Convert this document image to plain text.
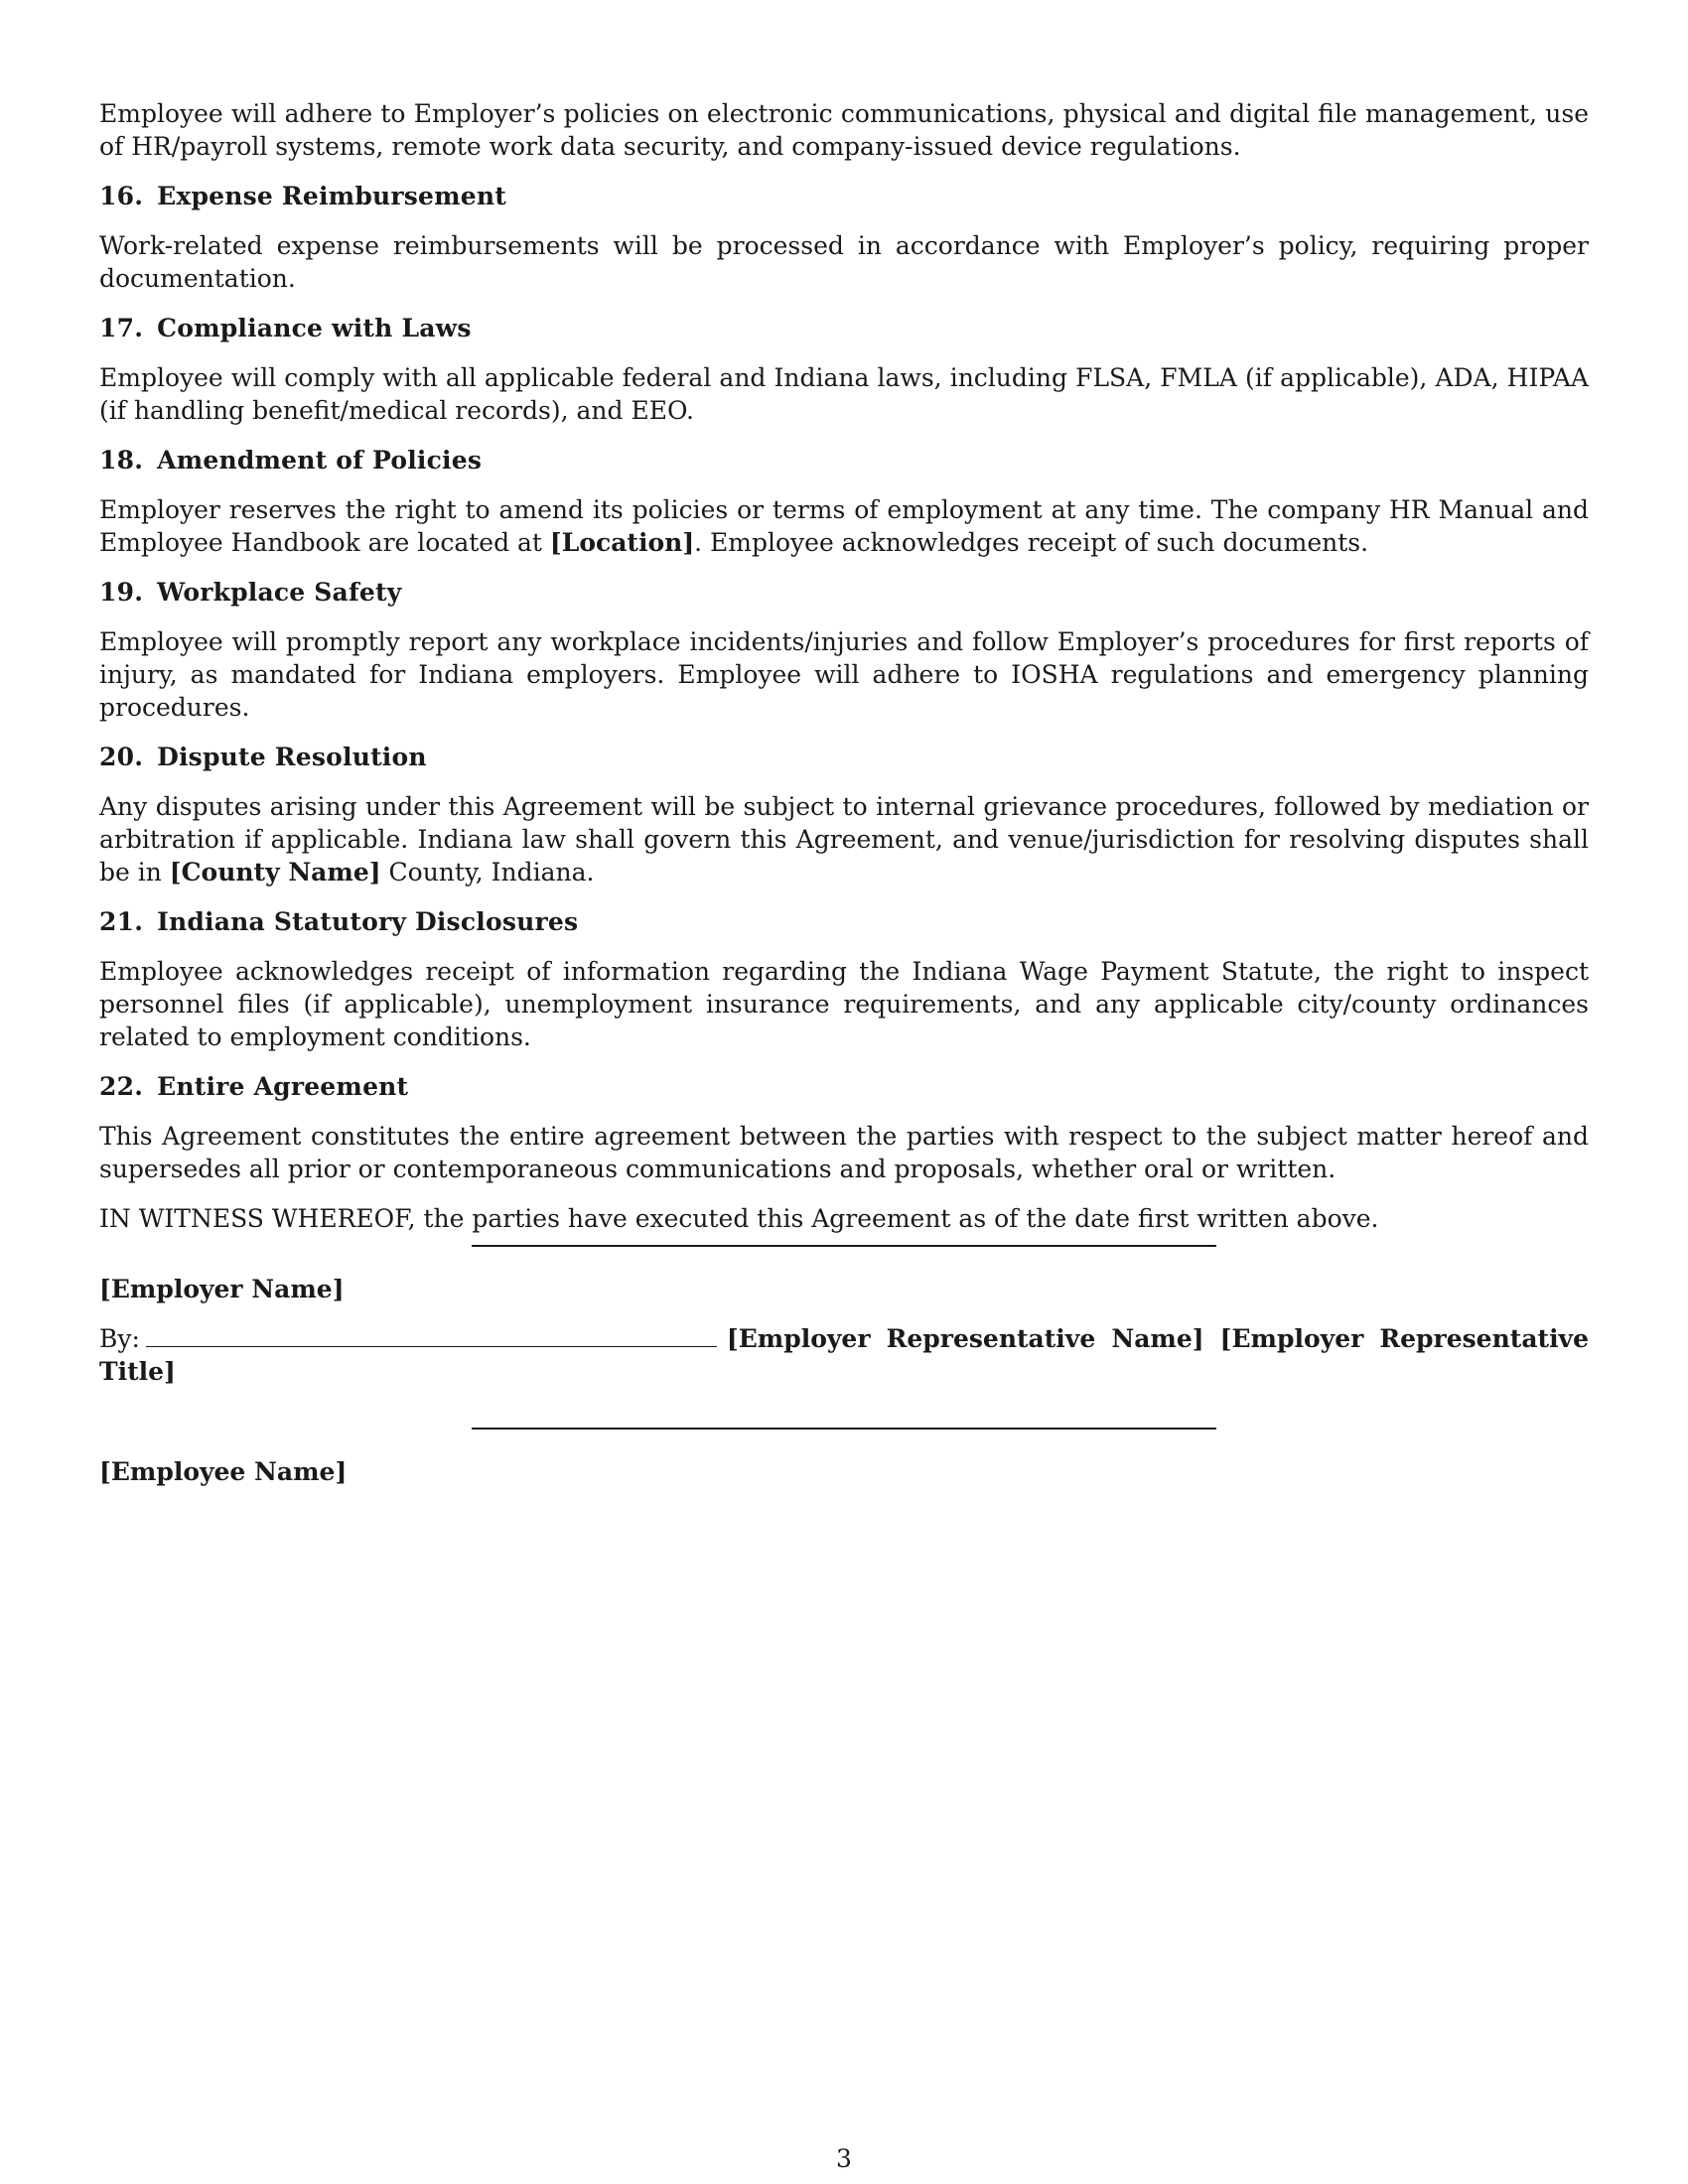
Employee will adhere to Employer’s policies on electronic communications, physical and digital file management, use of HR/payroll systems, remote work data security, and company-issued device regulations.

16. Expense Reimbursement

Work-related expense reimbursements will be processed in accordance with Employer’s policy, requiring proper documentation.

17. Compliance with Laws

Employee will comply with all applicable federal and Indiana laws, including FLSA, FMLA (if applicable), ADA, HIPAA (if handling benefit/medical records), and EEO.

18. Amendment of Policies

Employer reserves the right to amend its policies or terms of employment at any time. The company HR Manual and Employee Handbook are located at [Location]. Employee acknowledges receipt of such documents.

19. Workplace Safety

Employee will promptly report any workplace incidents/injuries and follow Employer’s procedures for first reports of injury, as mandated for Indiana employers. Employee will adhere to IOSHA regulations and emergency planning procedures.

20. Dispute Resolution

Any disputes arising under this Agreement will be subject to internal grievance procedures, followed by mediation or arbitration if applicable. Indiana law shall govern this Agreement, and venue/jurisdiction for resolving disputes shall be in [County Name] County, Indiana.

21. Indiana Statutory Disclosures

Employee acknowledges receipt of information regarding the Indiana Wage Payment Statute, the right to inspect personnel files (if applicable), unemployment insurance requirements, and any applicable city/county ordinances related to employment conditions.

22. Entire Agreement

This Agreement constitutes the entire agreement between the parties with respect to the subject matter hereof and supersedes all prior or contemporaneous communications and proposals, whether oral or written.

IN WITNESS WHEREOF, the parties have executed this Agreement as of the date first written above.

[Employer Name]
By:	[Employer Representative Name] [Employer Representative Title]
[Employee Name]
3
